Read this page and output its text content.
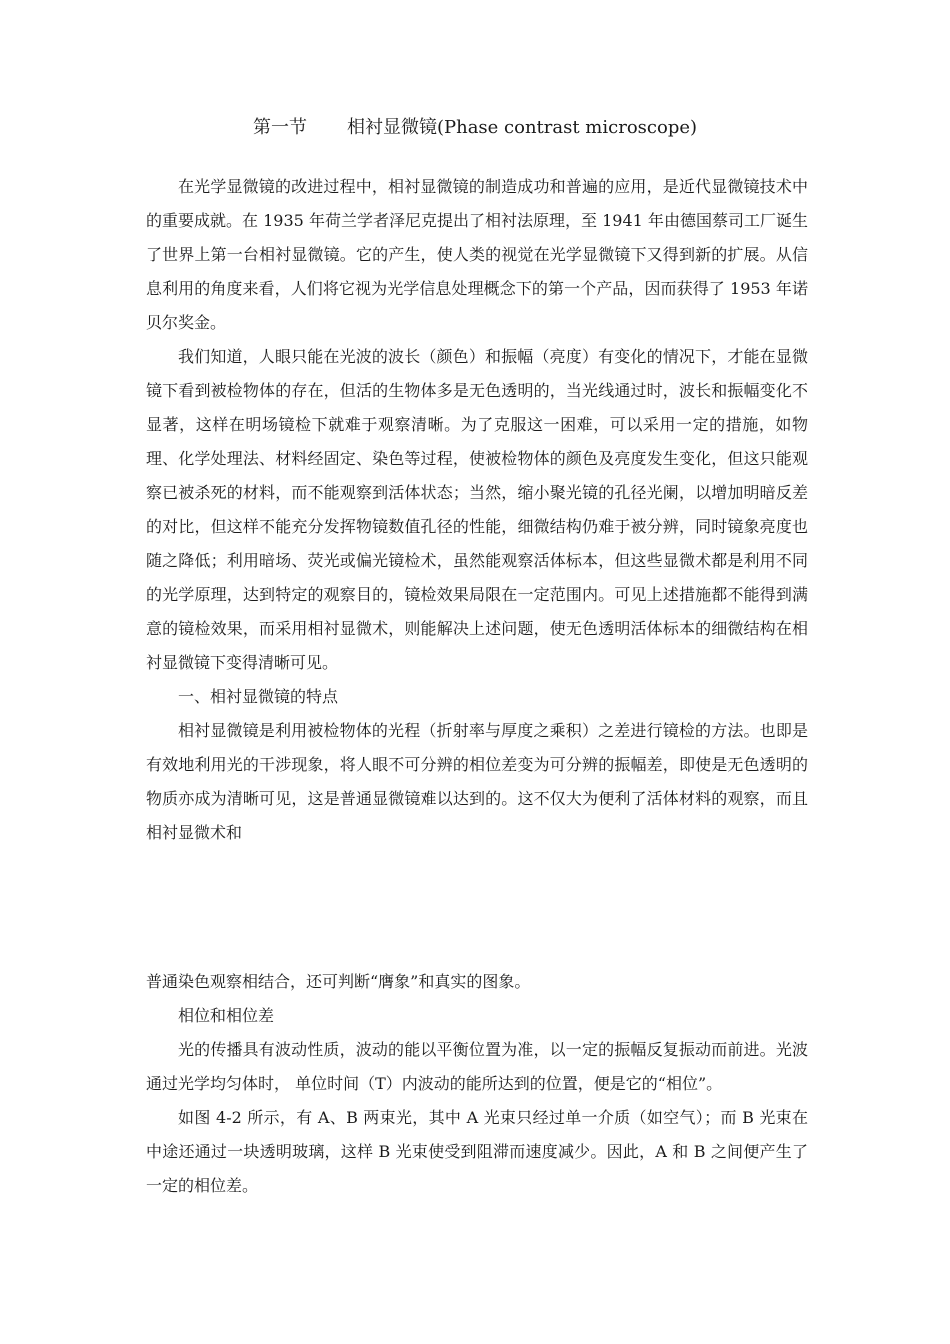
第一节 相衬显微镜(Phase contrast microscope)

在光学显微镜的改进过程中，相衬显微镜的制造成功和普遍的应用，是近代显微镜技术中的重要成就。在 1935 年荷兰学者泽尼克提出了相衬法原理，至 1941 年由德国蔡司工厂诞生了世界上第一台相衬显微镜。它的产生，使人类的视觉在光学显微镜下又得到新的扩展。从信息利用的角度来看，人们将它视为光学信息处理概念下的第一个产品，因而获得了 1953 年诺贝尔奖金。

我们知道，人眼只能在光波的波长（颜色）和振幅（亮度）有变化的情况下，才能在显微镜下看到被检物体的存在，但活的生物体多是无色透明的，当光线通过时，波长和振幅变化不显著，这样在明场镜检下就难于观察清晰。为了克服这一困难，可以采用一定的措施，如物理、化学处理法、材料经固定、染色等过程，使被检物体的颜色及亮度发生变化，但这只能观察已被杀死的材料，而不能观察到活体状态；当然，缩小聚光镜的孔径光阑，以增加明暗反差的对比，但这样不能充分发挥物镜数值孔径的性能，细微结构仍难于被分辨，同时镜象亮度也随之降低；利用暗场、荧光或偏光镜检术，虽然能观察活体标本，但这些显微术都是利用不同的光学原理，达到特定的观察目的，镜检效果局限在一定范围内。可见上述措施都不能得到满意的镜检效果，而采用相衬显微术，则能解决上述问题，使无色透明活体标本的细微结构在相衬显微镜下变得清晰可见。

一、相衬显微镜的特点

相衬显微镜是利用被检物体的光程（折射率与厚度之乘积）之差进行镜检的方法。也即是有效地利用光的干涉现象，将人眼不可分辨的相位差变为可分辨的振幅差，即使是无色透明的物质亦成为清晰可见，这是普通显微镜难以达到的。这不仅大为便利了活体材料的观察，而且相衬显微术和

普通染色观察相结合，还可判断“膺象”和真实的图象。

相位和相位差

光的传播具有波动性质，波动的能以平衡位置为准，以一定的振幅反复振动而前进。光波通过光学均匀体时， 单位时间（T）内波动的能所达到的位置，便是它的“相位”。

如图 4-2 所示，有 A、B 两束光，其中 A 光束只经过单一介质（如空气）；而 B 光束在中途还通过一块透明玻璃，这样 B 光束使受到阻滞而速度减少。因此，A 和 B 之间便产生了一定的相位差。
